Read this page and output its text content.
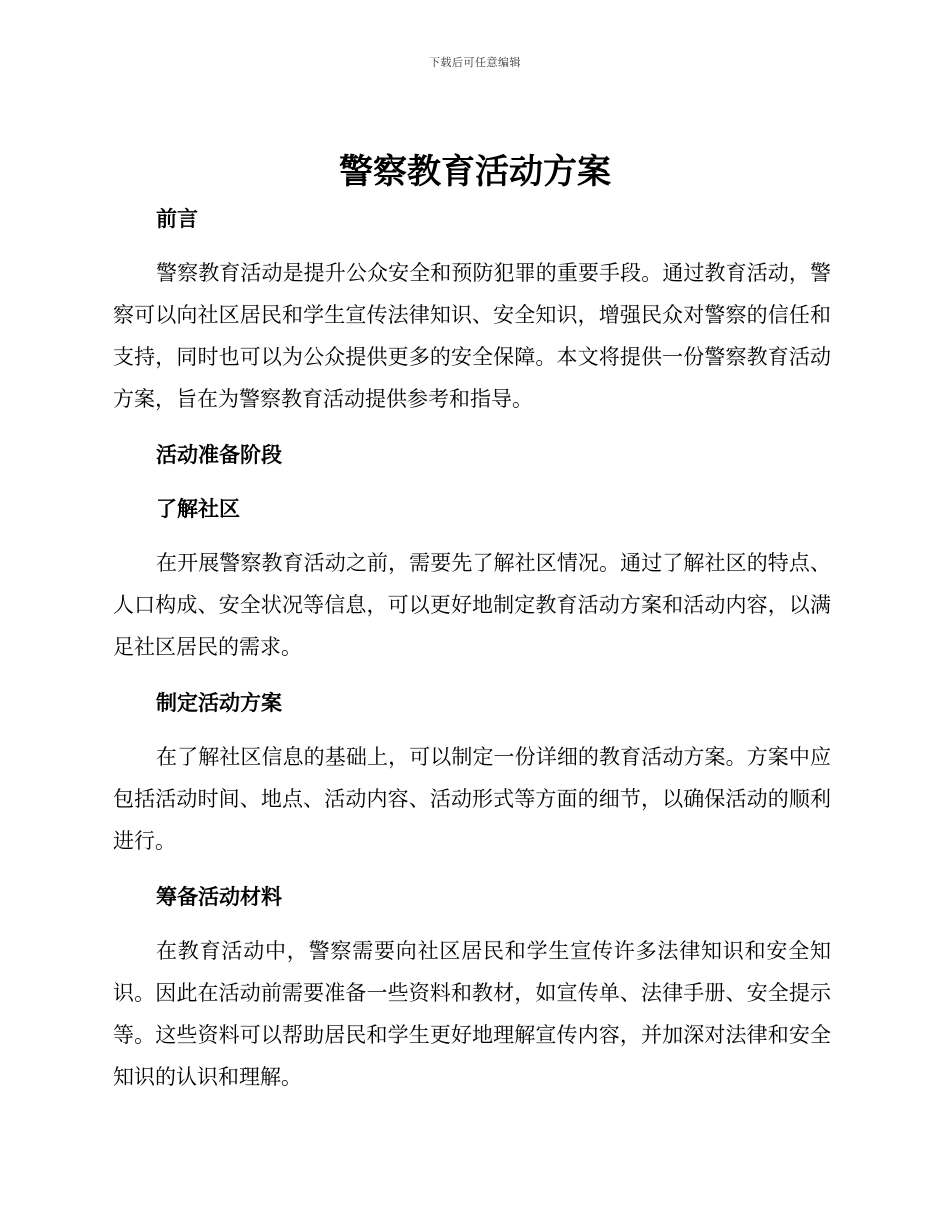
下载后可任意编辑
警察教育活动方案
前言

警察教育活动是提升公众安全和预防犯罪的重要手段。通过教育活动，警察可以向社区居民和学生宣传法律知识、安全知识，增强民众对警察的信任和支持，同时也可以为公众提供更多的安全保障。本文将提供一份警察教育活动方案，旨在为警察教育活动提供参考和指导。

活动准备阶段
了解社区

在开展警察教育活动之前，需要先了解社区情况。通过了解社区的特点、人口构成、安全状况等信息，可以更好地制定教育活动方案和活动内容，以满足社区居民的需求。

制定活动方案

在了解社区信息的基础上，可以制定一份详细的教育活动方案。方案中应包括活动时间、地点、活动内容、活动形式等方面的细节，以确保活动的顺利进行。

筹备活动材料

在教育活动中，警察需要向社区居民和学生宣传许多法律知识和安全知识。因此在活动前需要准备一些资料和教材，如宣传单、法律手册、安全提示等。这些资料可以帮助居民和学生更好地理解宣传内容，并加深对法律和安全知识的认识和理解。
